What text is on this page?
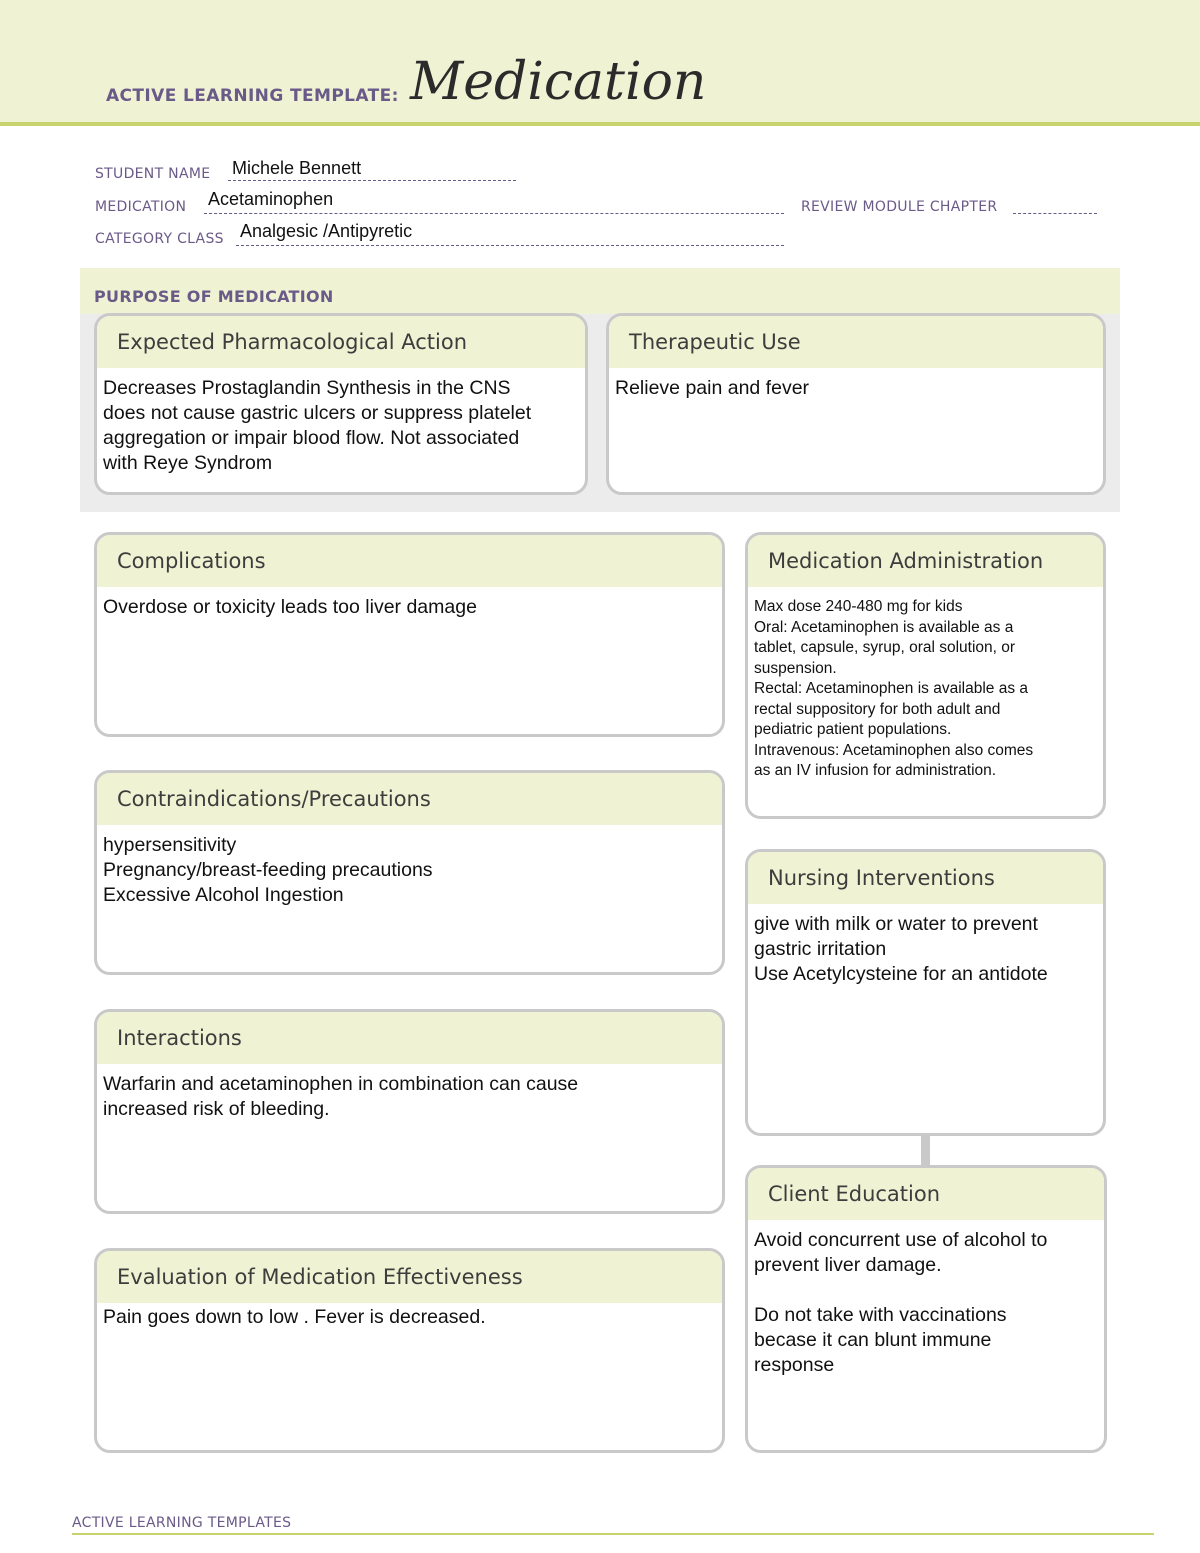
ACTIVE LEARNING TEMPLATE: Medication
STUDENT NAME Michele Bennett
MEDICATION Acetaminophen	REVIEW MODULE CHAPTER
CATEGORY CLASS Analgesic /Antipyretic
PURPOSE OF MEDICATION
Expected Pharmacological Action
Decreases Prostaglandin Synthesis in the CNS
does not cause gastric ulcers or suppress platelet
aggregation or impair blood flow. Not associated
with Reye Syndrom
Therapeutic Use
Relieve pain and fever
Complications
Overdose or toxicity leads too liver damage
Contraindications/Precautions
hypersensitivity
Pregnancy/breast-feeding precautions
Excessive Alcohol Ingestion
Interactions
Warfarin and acetaminophen in combination can cause
increased risk of bleeding.
Evaluation of Medication Effectiveness
Pain goes down to low . Fever is decreased.
Medication Administration
Max dose 240-480 mg for kids
Oral: Acetaminophen is available as a
tablet, capsule, syrup, oral solution, or
suspension.
Rectal: Acetaminophen is available as a
rectal suppository for both adult and
pediatric patient populations.
Intravenous: Acetaminophen also comes
as an IV infusion for administration.
Nursing Interventions
give with milk or water to prevent
gastric irritation
Use Acetylcysteine for an antidote
Client Education
Avoid concurrent use of alcohol to
prevent liver damage.

Do not take with vaccinations
becase it can blunt immune
response
ACTIVE LEARNING TEMPLATES
